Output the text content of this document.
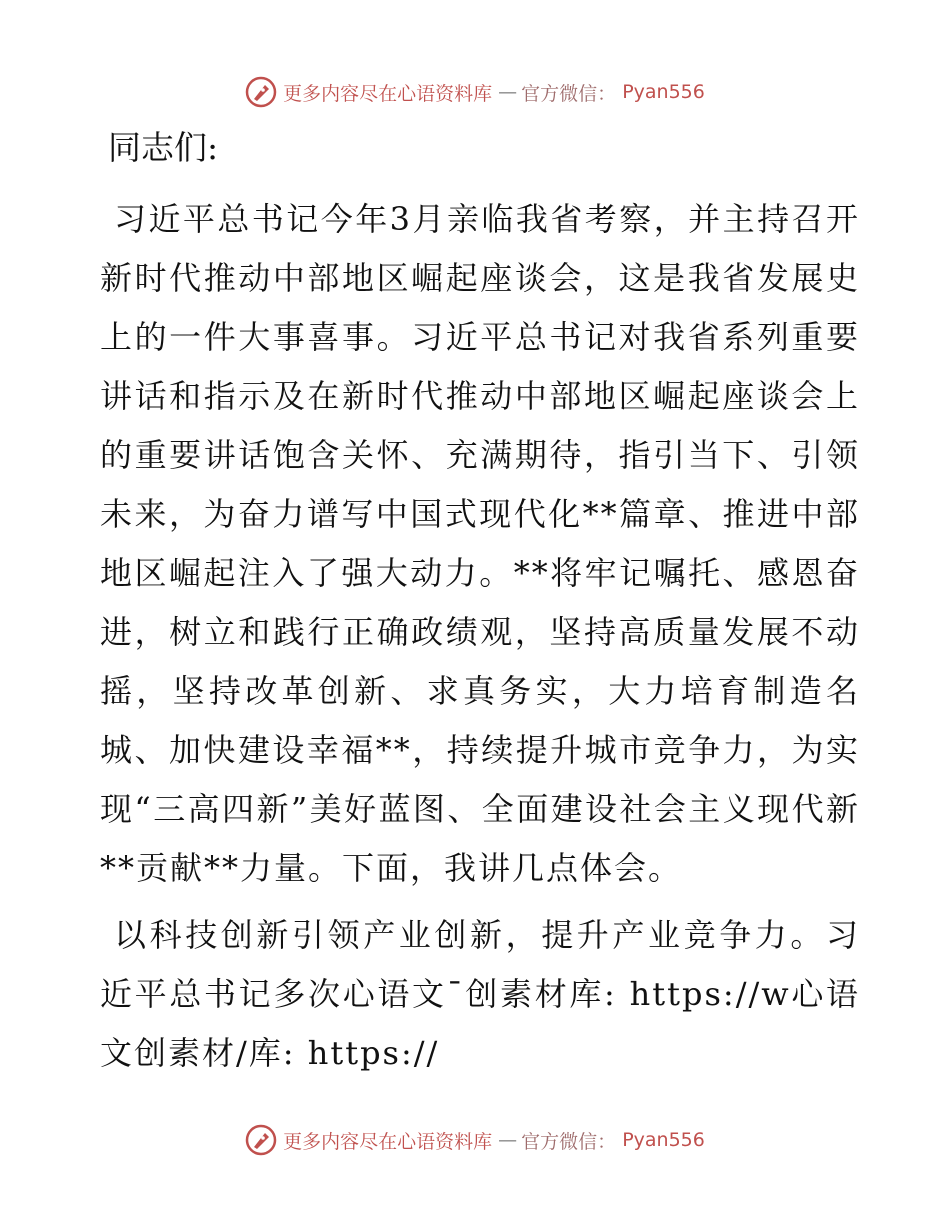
更多内容尽在心语资料库 — 官方微信： Pyan556

同志们:

习近平总书记今年3月亲临我省考察，并主持召开新时代推动中部地区崛起座谈会，这是我省发展史上的一件大事喜事。习近平总书记对我省系列重要讲话和指示及在新时代推动中部地区崛起座谈会上的重要讲话饱含关怀、充满期待，指引当下、引领未来，为奋力谱写中国式现代化**篇章、推进中部地区崛起注入了强大动力。**将牢记嘱托、感恩奋进，树立和践行正确政绩观，坚持高质量发展不动摇，坚持改革创新、求真务实，大力培育制造名城、加快建设幸福**，持续提升城市竞争力，为实现“三高四新”美好蓝图、全面建设社会主义现代新**贡献**力量。下面，我讲几点体会。

以科技创新引领产业创新，提升产业竞争力。习近平总书记多次心语文¯创素材库: https://w心语文创素材/库: https://

更多内容尽在心语资料库 — 官方微信： Pyan556
